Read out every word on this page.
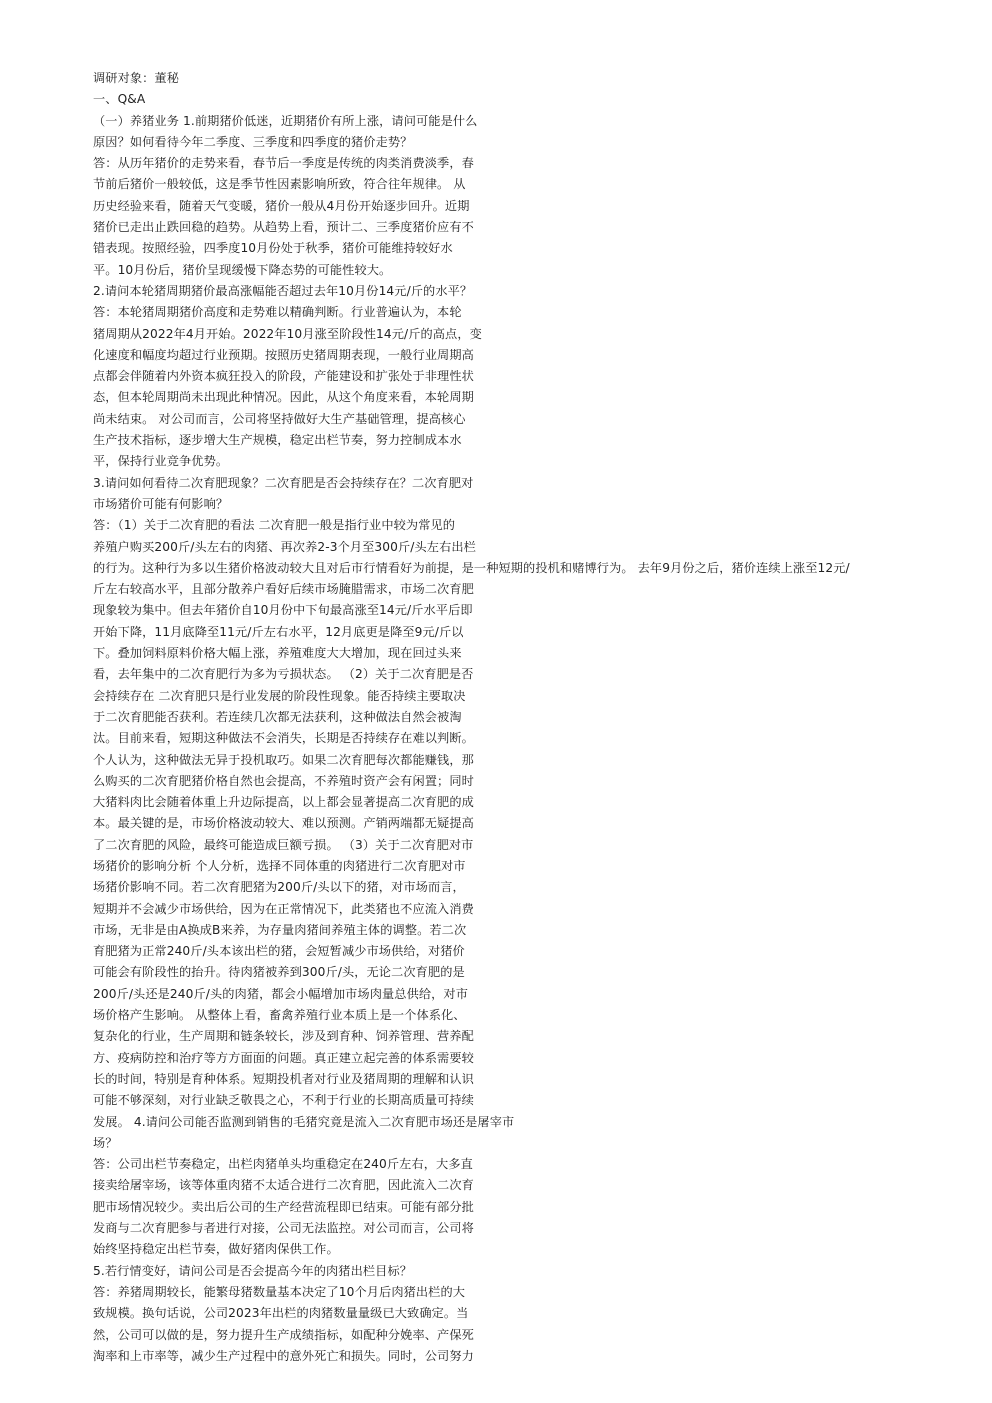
调研对象：董秘
一、Q&A
（一）养猪业务 1.前期猪价低迷，近期猪价有所上涨，请问可能是什么
原因？如何看待今年二季度、三季度和四季度的猪价走势？
答：从历年猪价的走势来看，春节后一季度是传统的肉类消费淡季，春
节前后猪价一般较低，这是季节性因素影响所致，符合往年规律。 从
历史经验来看，随着天气变暖，猪价一般从4月份开始逐步回升。近期
猪价已走出止跌回稳的趋势。从趋势上看，预计二、三季度猪价应有不
错表现。按照经验，四季度10月份处于秋季，猪价可能维持较好水
平。10月份后，猪价呈现缓慢下降态势的可能性较大。
2.请问本轮猪周期猪价最高涨幅能否超过去年10月份14元/斤的水平？
答：本轮猪周期猪价高度和走势难以精确判断。行业普遍认为，本轮
猪周期从2022年4月开始。2022年10月涨至阶段性14元/斤的高点，变
化速度和幅度均超过行业预期。按照历史猪周期表现，一般行业周期高
点都会伴随着内外资本疯狂投入的阶段，产能建设和扩张处于非理性状
态，但本轮周期尚未出现此种情况。因此，从这个角度来看，本轮周期
尚未结束。 对公司而言，公司将坚持做好大生产基础管理，提高核心
生产技术指标，逐步增大生产规模，稳定出栏节奏，努力控制成本水
平，保持行业竞争优势。
3.请问如何看待二次育肥现象？二次育肥是否会持续存在？二次育肥对
市场猪价可能有何影响？
答：（1）关于二次育肥的看法 二次育肥一般是指行业中较为常见的
养殖户购买200斤/头左右的肉猪、再次养2-3个月至300斤/头左右出栏
的行为。这种行为多以生猪价格波动较大且对后市行情看好为前提，是一种短期的投机和赌博行为。 去年9月份之后，猪价连续上涨至12元/
斤左右较高水平，且部分散养户看好后续市场腌腊需求，市场二次育肥
现象较为集中。但去年猪价自10月份中下旬最高涨至14元/斤水平后即
开始下降，11月底降至11元/斤左右水平，12月底更是降至9元/斤以
下。叠加饲料原料价格大幅上涨，养殖难度大大增加，现在回过头来
看，去年集中的二次育肥行为多为亏损状态。 （2）关于二次育肥是否
会持续存在 二次育肥只是行业发展的阶段性现象。能否持续主要取决
于二次育肥能否获利。若连续几次都无法获利，这种做法自然会被淘
汰。目前来看，短期这种做法不会消失，长期是否持续存在难以判断。
个人认为，这种做法无异于投机取巧。如果二次育肥每次都能赚钱，那
么购买的二次育肥猪价格自然也会提高，不养殖时资产会有闲置；同时
大猪料肉比会随着体重上升边际提高，以上都会显著提高二次育肥的成
本。最关键的是，市场价格波动较大、难以预测。产销两端都无疑提高
了二次育肥的风险，最终可能造成巨额亏损。 （3）关于二次育肥对市
场猪价的影响分析 个人分析，选择不同体重的肉猪进行二次育肥对市
场猪价影响不同。若二次育肥猪为200斤/头以下的猪，对市场而言，
短期并不会减少市场供给，因为在正常情况下，此类猪也不应流入消费
市场，无非是由A换成B来养，为存量肉猪间养殖主体的调整。若二次
育肥猪为正常240斤/头本该出栏的猪，会短暂减少市场供给，对猪价
可能会有阶段性的抬升。待肉猪被养到300斤/头，无论二次育肥的是
200斤/头还是240斤/头的肉猪，都会小幅增加市场肉量总供给，对市
场价格产生影响。 从整体上看，畜禽养殖行业本质上是一个体系化、
复杂化的行业，生产周期和链条较长，涉及到育种、饲养管理、营养配
方、疫病防控和治疗等方方面面的问题。真正建立起完善的体系需要较
长的时间，特别是育种体系。短期投机者对行业及猪周期的理解和认识
可能不够深刻，对行业缺乏敬畏之心，不利于行业的长期高质量可持续
发展。 4.请问公司能否监测到销售的毛猪究竟是流入二次育肥市场还是屠宰市
场？
答：公司出栏节奏稳定，出栏肉猪单头均重稳定在240斤左右，大多直
接卖给屠宰场，该等体重肉猪不太适合进行二次育肥，因此流入二次育
肥市场情况较少。卖出后公司的生产经营流程即已结束。可能有部分批
发商与二次育肥参与者进行对接，公司无法监控。对公司而言，公司将
始终坚持稳定出栏节奏，做好猪肉保供工作。
5.若行情变好，请问公司是否会提高今年的肉猪出栏目标？
答：养猪周期较长，能繁母猪数量基本决定了10个月后肉猪出栏的大
致规模。换句话说，公司2023年出栏的肉猪数量量级已大致确定。当
然，公司可以做的是，努力提升生产成绩指标，如配种分娩率、产保死
淘率和上市率等，减少生产过程中的意外死亡和损失。同时，公司努力
